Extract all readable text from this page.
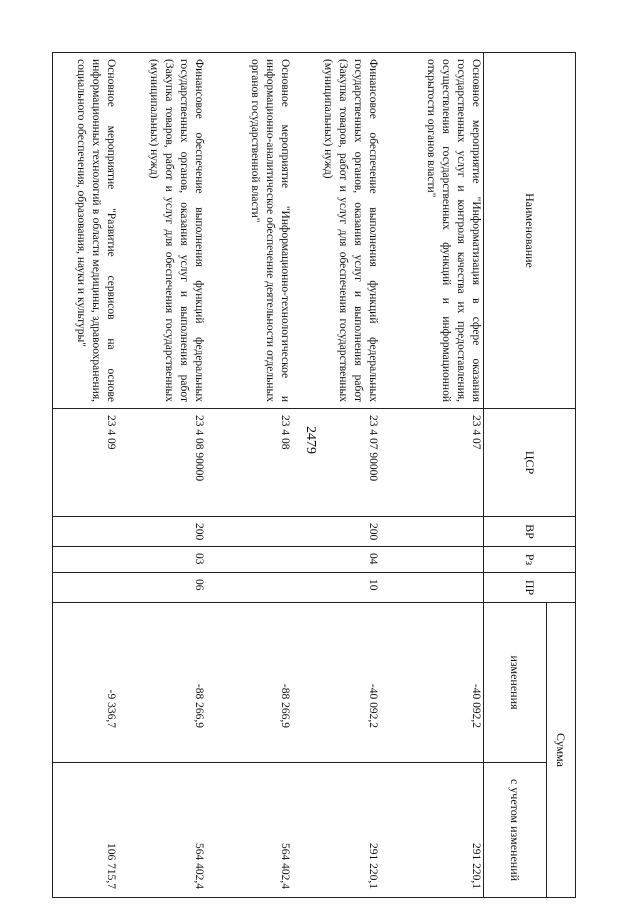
2479
Наименование	ЦСР	ВР	Рз	ПР	Сумма	
					изменения	с учетом изменений
Основное мероприятие "Информатизация в сфере оказания государственных услуг и контроля качества их предоставления, осуществления государственных функций и информационной открытости органов власти"	23 4 07				-40 092,2	291 220,1
Финансовое обеспечение выполнения функций федеральных государственных органов, оказания услуг и выполнения работ (Закупка товаров, работ и услуг для обеспечения государственных (муниципальных) нужд)	23 4 07 90000	200	04	10	-40 092,2	291 220,1
Основное мероприятие "Информационно-технологическое и информационно-аналитическое обеспечение деятельности отдельных органов государственной власти"	23 4 08				-88 266,9	564 402,4
Финансовое обеспечение выполнения функций федеральных государственных органов, оказания услуг и выполнения работ (Закупка товаров, работ и услуг для обеспечения государственных (муниципальных) нужд)	23 4 08 90000	200	03	06	-88 266,9	564 402,4
Основное мероприятие "Развитие сервисов на основе информационных технологий в области медицины, здравоохранения, социального обеспечения, образования, науки и культуры"	23 4 09				-9 336,7	106 715,7
